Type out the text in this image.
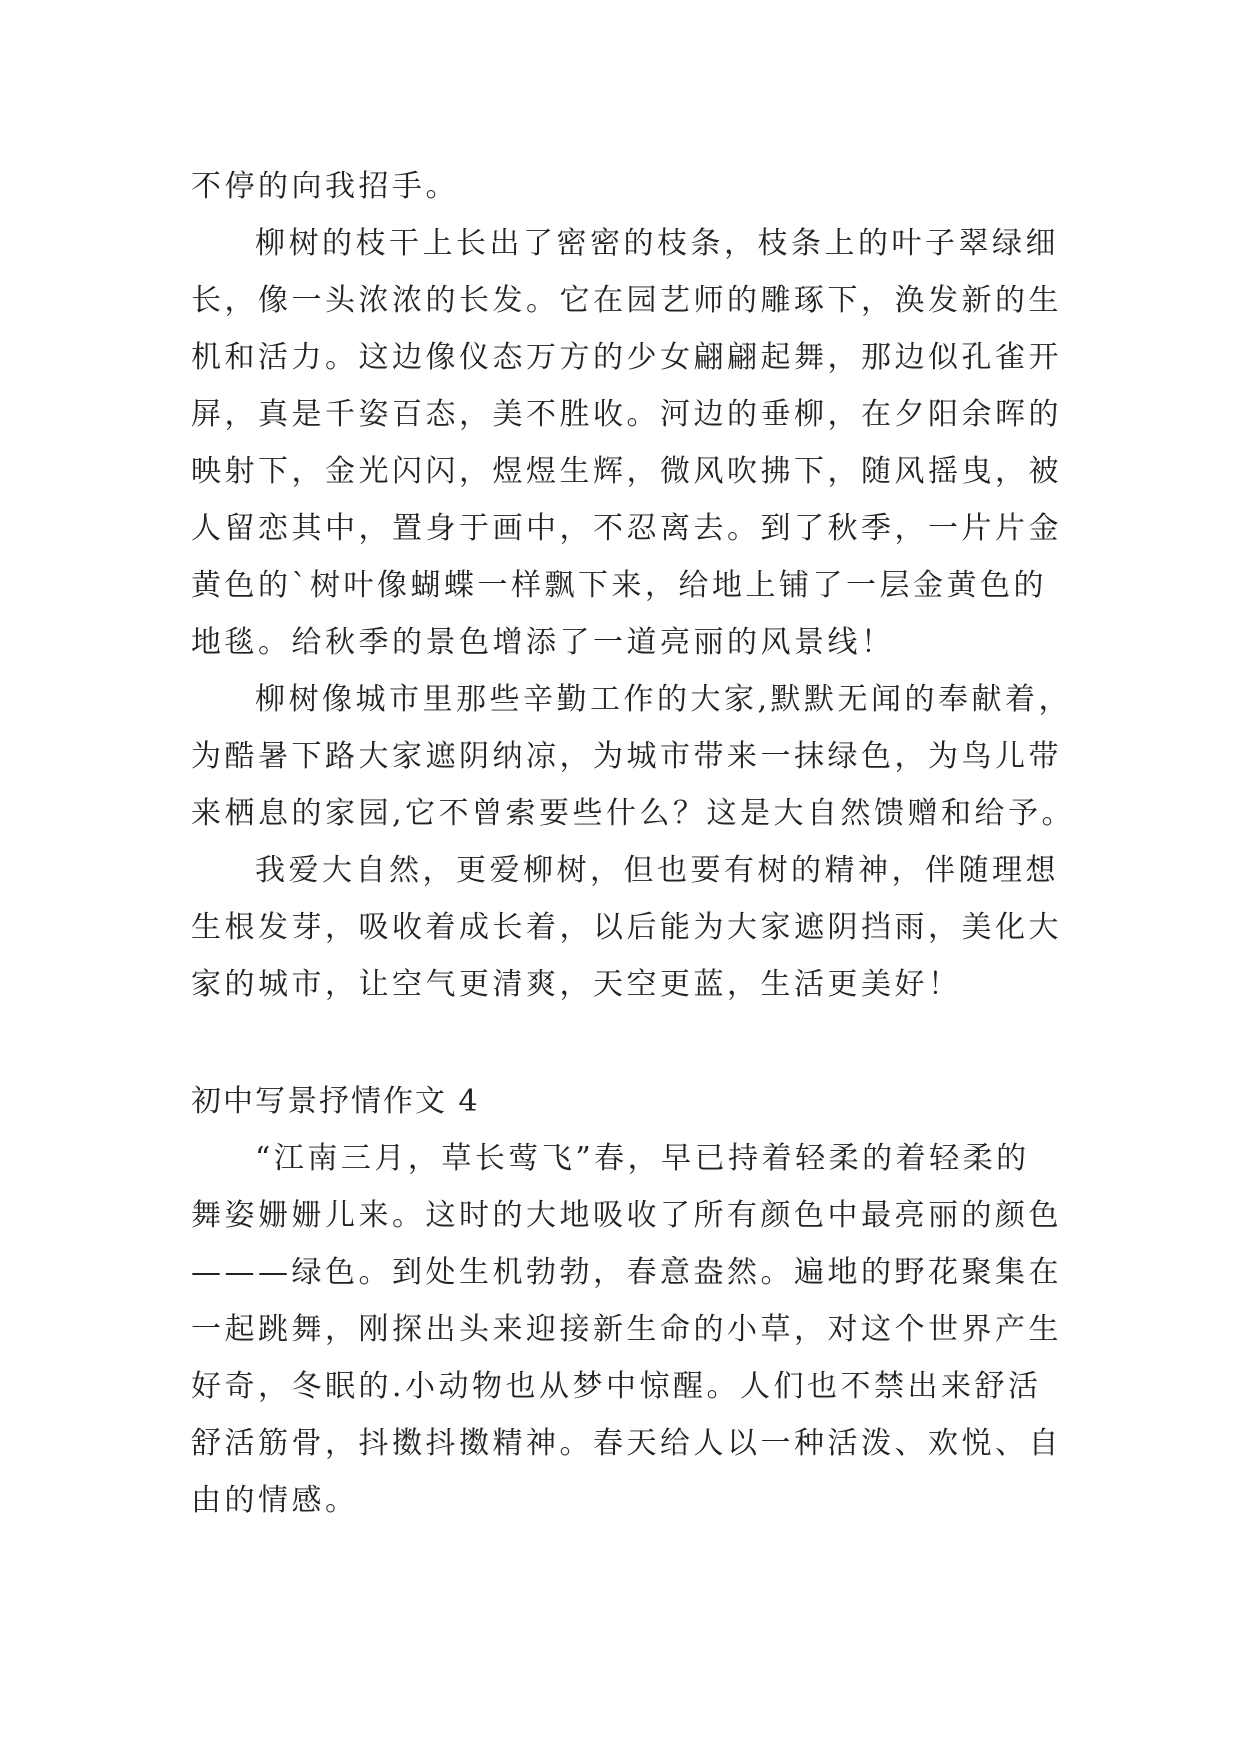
不停的向我招手。
柳树的枝干上长出了密密的枝条，枝条上的叶子翠绿细
长，像一头浓浓的长发。它在园艺师的雕琢下，涣发新的生
机和活力。这边像仪态万方的少女翩翩起舞，那边似孔雀开
屏，真是千姿百态，美不胜收。河边的垂柳，在夕阳余晖的
映射下，金光闪闪，煜煜生辉，微风吹拂下，随风摇曳，被
人留恋其中，置身于画中，不忍离去。到了秋季，一片片金
黄色的`树叶像蝴蝶一样飘下来，给地上铺了一层金黄色的
地毯。给秋季的景色增添了一道亮丽的风景线！
柳树像城市里那些辛勤工作的大家,默默无闻的奉献着，
为酷暑下路大家遮阴纳凉，为城市带来一抹绿色，为鸟儿带
来栖息的家园,它不曾索要些什么？这是大自然馈赠和给予。
我爱大自然，更爱柳树，但也要有树的精神，伴随理想
生根发芽，吸收着成长着，以后能为大家遮阴挡雨，美化大
家的城市，让空气更清爽，天空更蓝，生活更美好！
初中写景抒情作文 4
“江南三月，草长莺飞”春，早已持着轻柔的着轻柔的
舞姿姗姗儿来。这时的大地吸收了所有颜色中最亮丽的颜色
———绿色。到处生机勃勃，春意盎然。遍地的野花聚集在
一起跳舞，刚探出头来迎接新生命的小草，对这个世界产生
好奇，冬眠的.小动物也从梦中惊醒。人们也不禁出来舒活
舒活筋骨，抖擞抖擞精神。春天给人以一种活泼、欢悦、自
由的情感。
